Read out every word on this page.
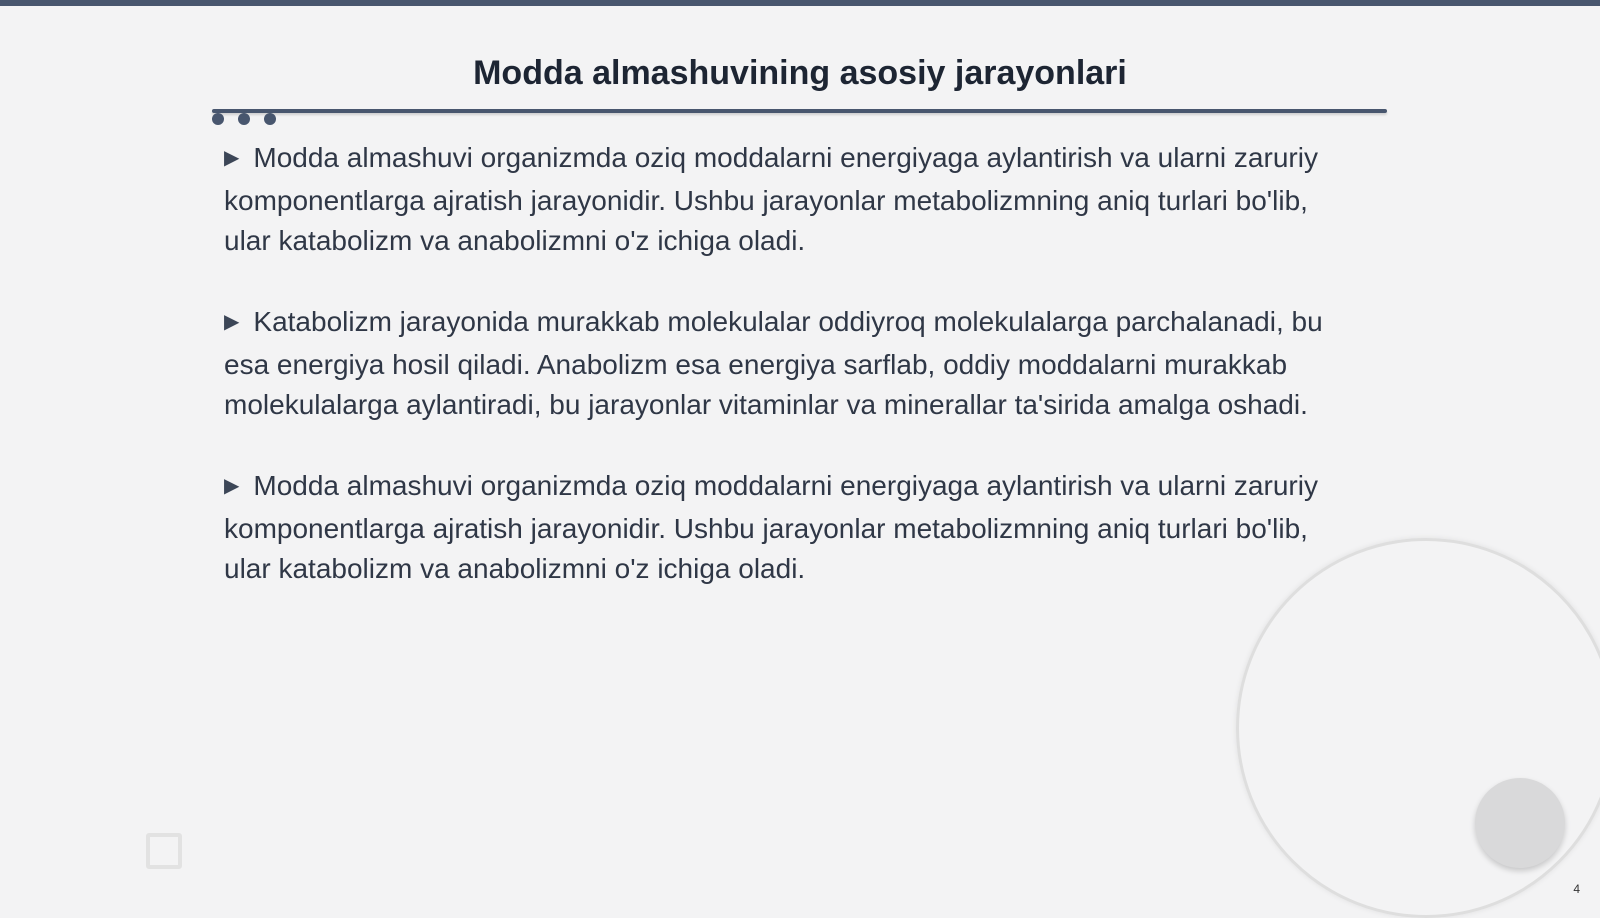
Modda almashuvining asosiy jarayonlari

▶ Modda almashuvi organizmda oziq moddalarni energiyaga aylantirish va ularni zaruriy komponentlarga ajratish jarayonidir. Ushbu jarayonlar metabolizmning aniq turlari bo'lib, ular katabolizm va anabolizmni o'z ichiga oladi.

▶ Katabolizm jarayonida murakkab molekulalar oddiyroq molekulalarga parchalanadi, bu esa energiya hosil qiladi. Anabolizm esa energiya sarflab, oddiy moddalarni murakkab molekulalarga aylantiradi, bu jarayonlar vitaminlar va minerallar ta'sirida amalga oshadi.

▶ Modda almashuvi organizmda oziq moddalarni energiyaga aylantirish va ularni zaruriy komponentlarga ajratish jarayonidir. Ushbu jarayonlar metabolizmning aniq turlari bo'lib, ular katabolizm va anabolizmni o'z ichiga oladi.

4
